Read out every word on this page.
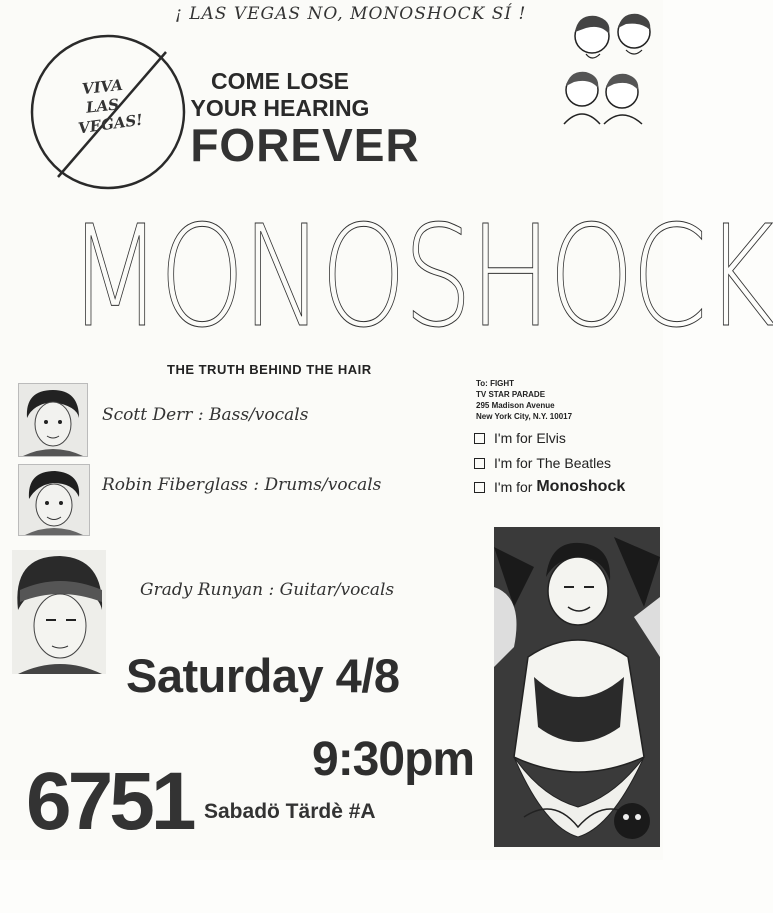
¡ LAS VEGAS NO, MONOSHOCK SÍ !
VIVA
LAS
VEGAS!
COME LOSE
YOUR HEARING
FOREVER
MONOSHOCK
THE TRUTH BEHIND THE HAIR
Scott Derr : Bass/vocals
Robin Fiberglass : Drums/vocals
Grady Runyan : Guitar/vocals
To: FIGHT
TV STAR PARADE
295 Madison Avenue
New York City, N.Y. 10017
I'm for
Elvis
I'm for
The Beatles
I'm for
Monoshock
Saturday 4/8
9:30pm
6751 Sabadö Tärdè #A
